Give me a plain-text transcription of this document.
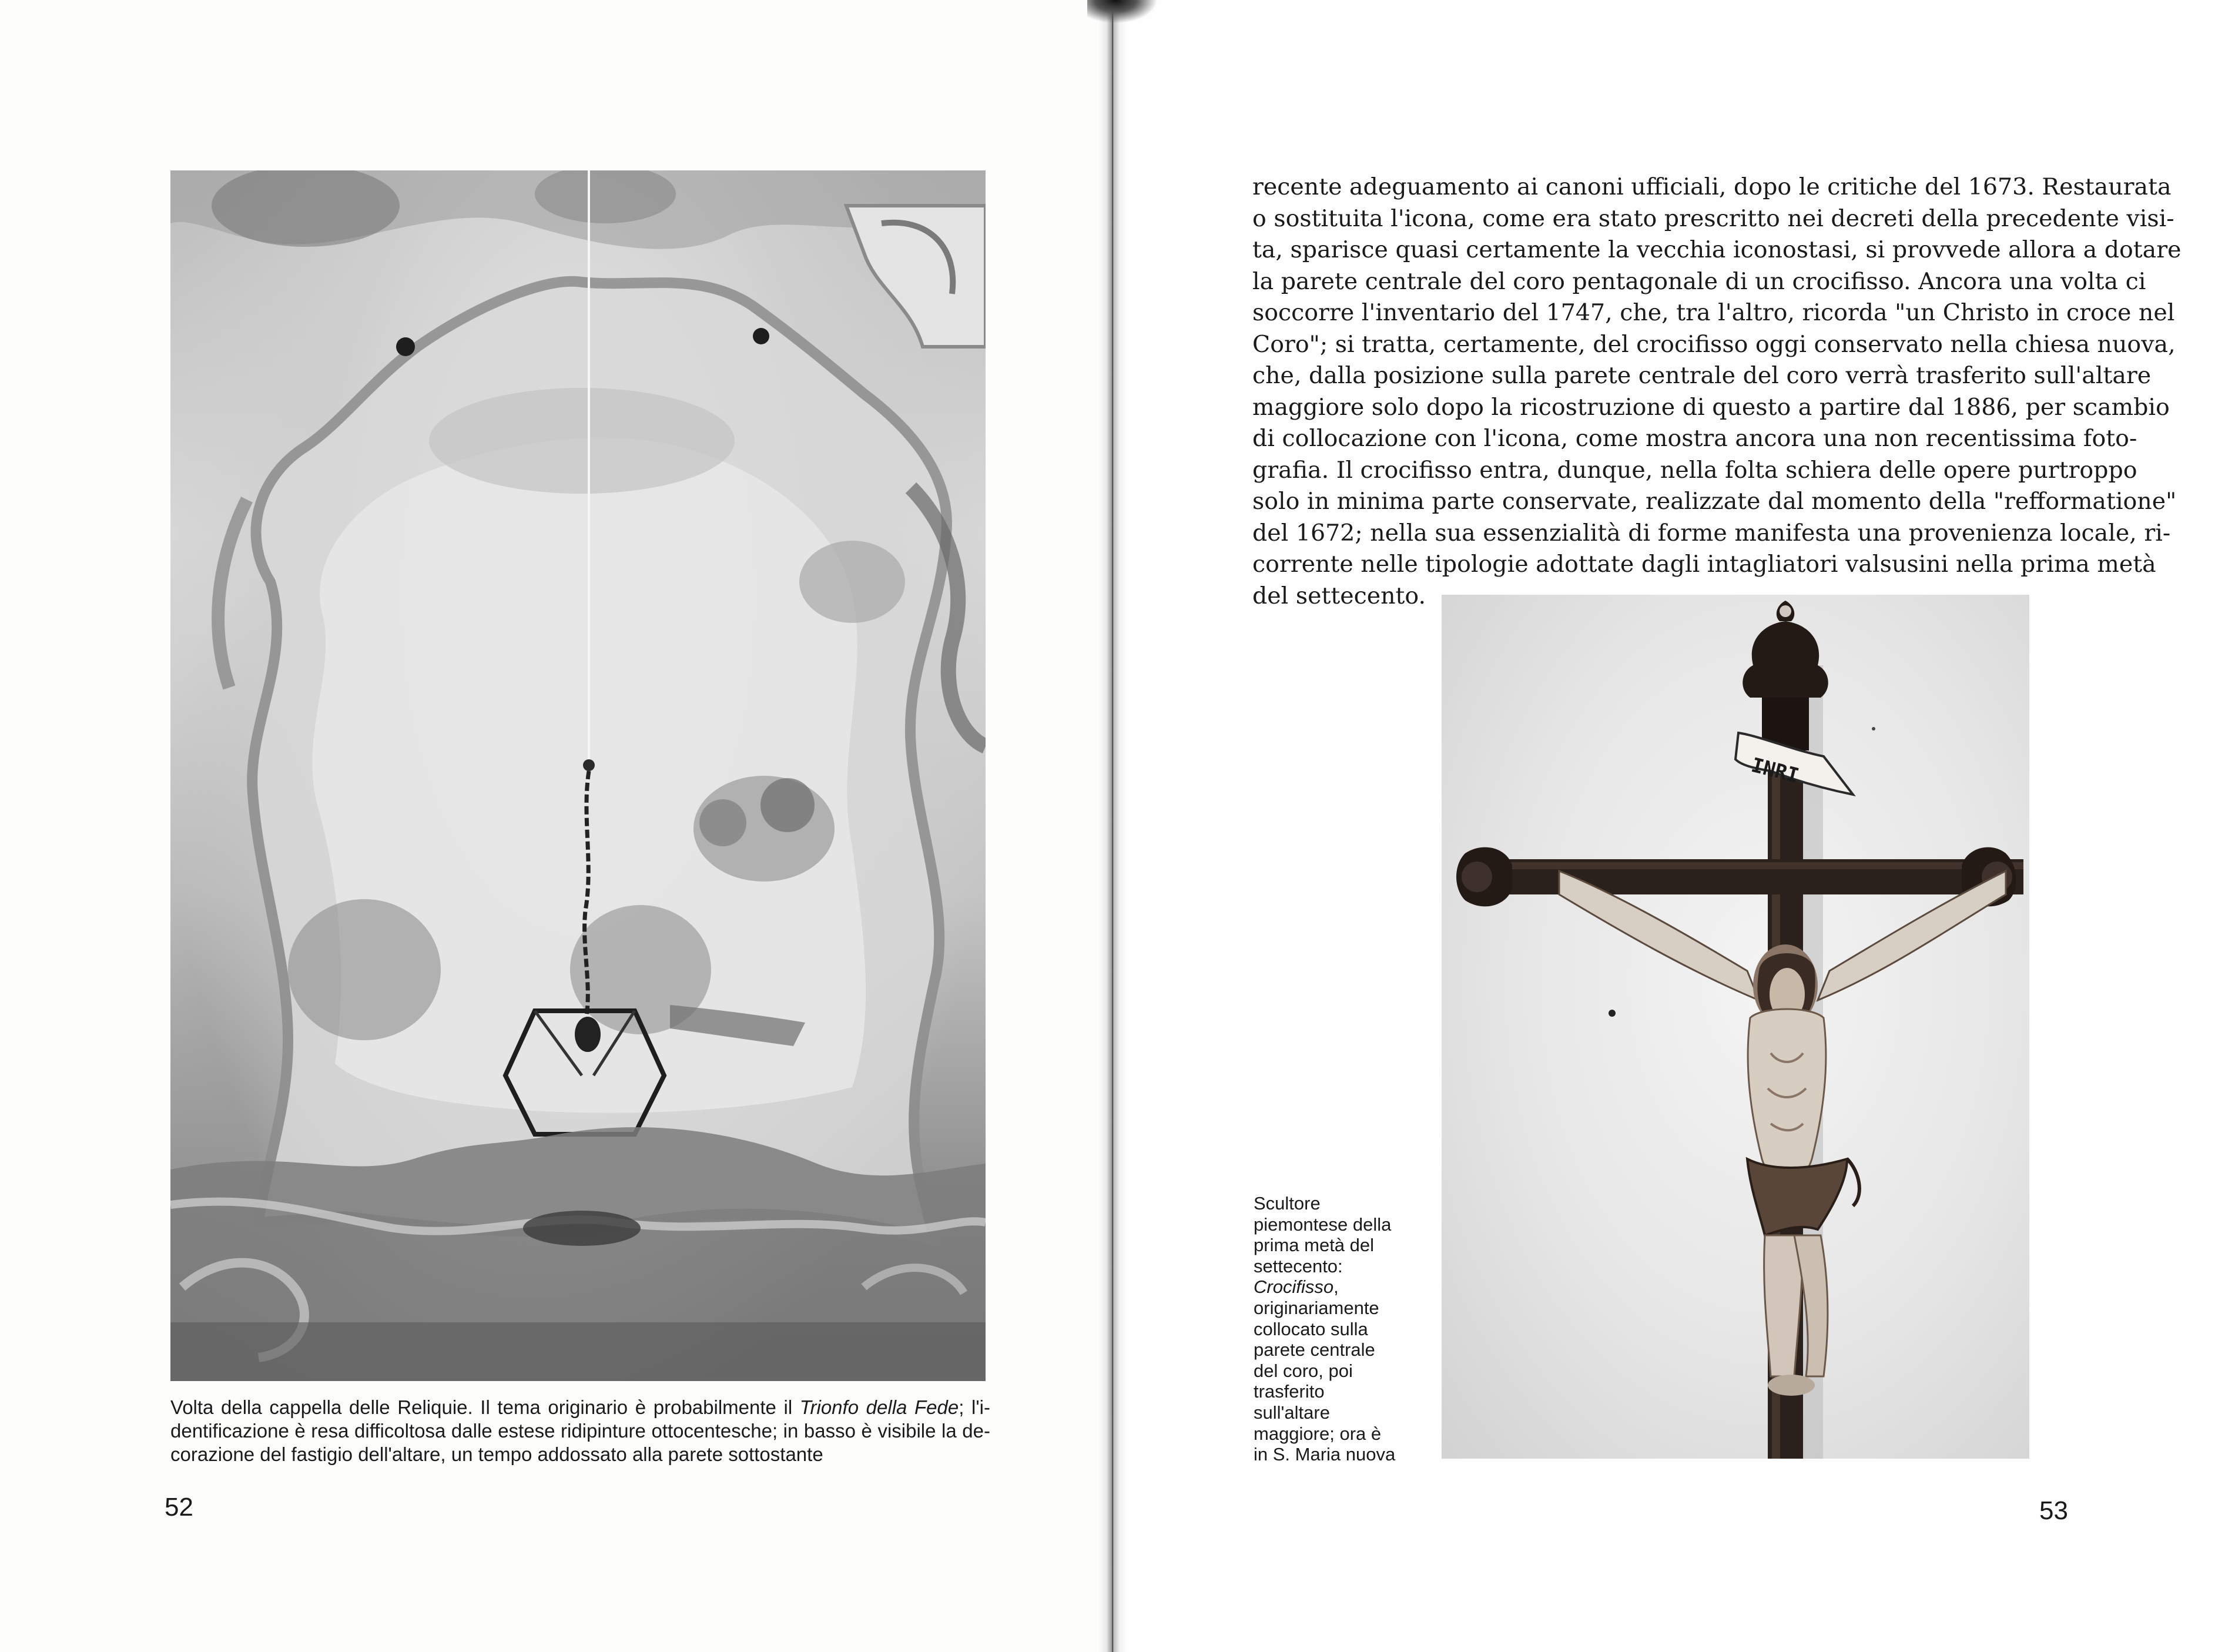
Volta della cappella delle Reliquie. Il tema originario è probabilmente il Trionfo della Fede; l'i-
dentificazione è resa difficoltosa dalle estese ridipinture ottocentesche; in basso è visibile la de-
corazione del fastigio dell'altare, un tempo addossato alla parete sottostante
52
recente adeguamento ai canoni ufficiali, dopo le critiche del 1673. Restaurata
o sostituita l'icona, come era stato prescritto nei decreti della precedente visi-
ta, sparisce quasi certamente la vecchia iconostasi, si provvede allora a dotare
la parete centrale del coro pentagonale di un crocifisso. Ancora una volta ci
soccorre l'inventario del 1747, che, tra l'altro, ricorda "un Christo in croce nel
Coro"; si tratta, certamente, del crocifisso oggi conservato nella chiesa nuova,
che, dalla posizione sulla parete centrale del coro verrà trasferito sull'altare
maggiore solo dopo la ricostruzione di questo a partire dal 1886, per scambio
di collocazione con l'icona, come mostra ancora una non recentissima foto-
grafia. Il crocifisso entra, dunque, nella folta schiera delle opere purtroppo
solo in minima parte conservate, realizzate dal momento della "refformatione"
del 1672; nella sua essenzialità di forme manifesta una provenienza locale, ri-
corrente nelle tipologie adottate dagli intagliatori valsusini nella prima metà
del settecento.
INRI
Scultore
piemontese della
prima metà del
settecento:
Crocifisso,
originariamente
collocato sulla
parete centrale
del coro, poi
trasferito
sull'altare
maggiore; ora è
in S. Maria nuova
53
